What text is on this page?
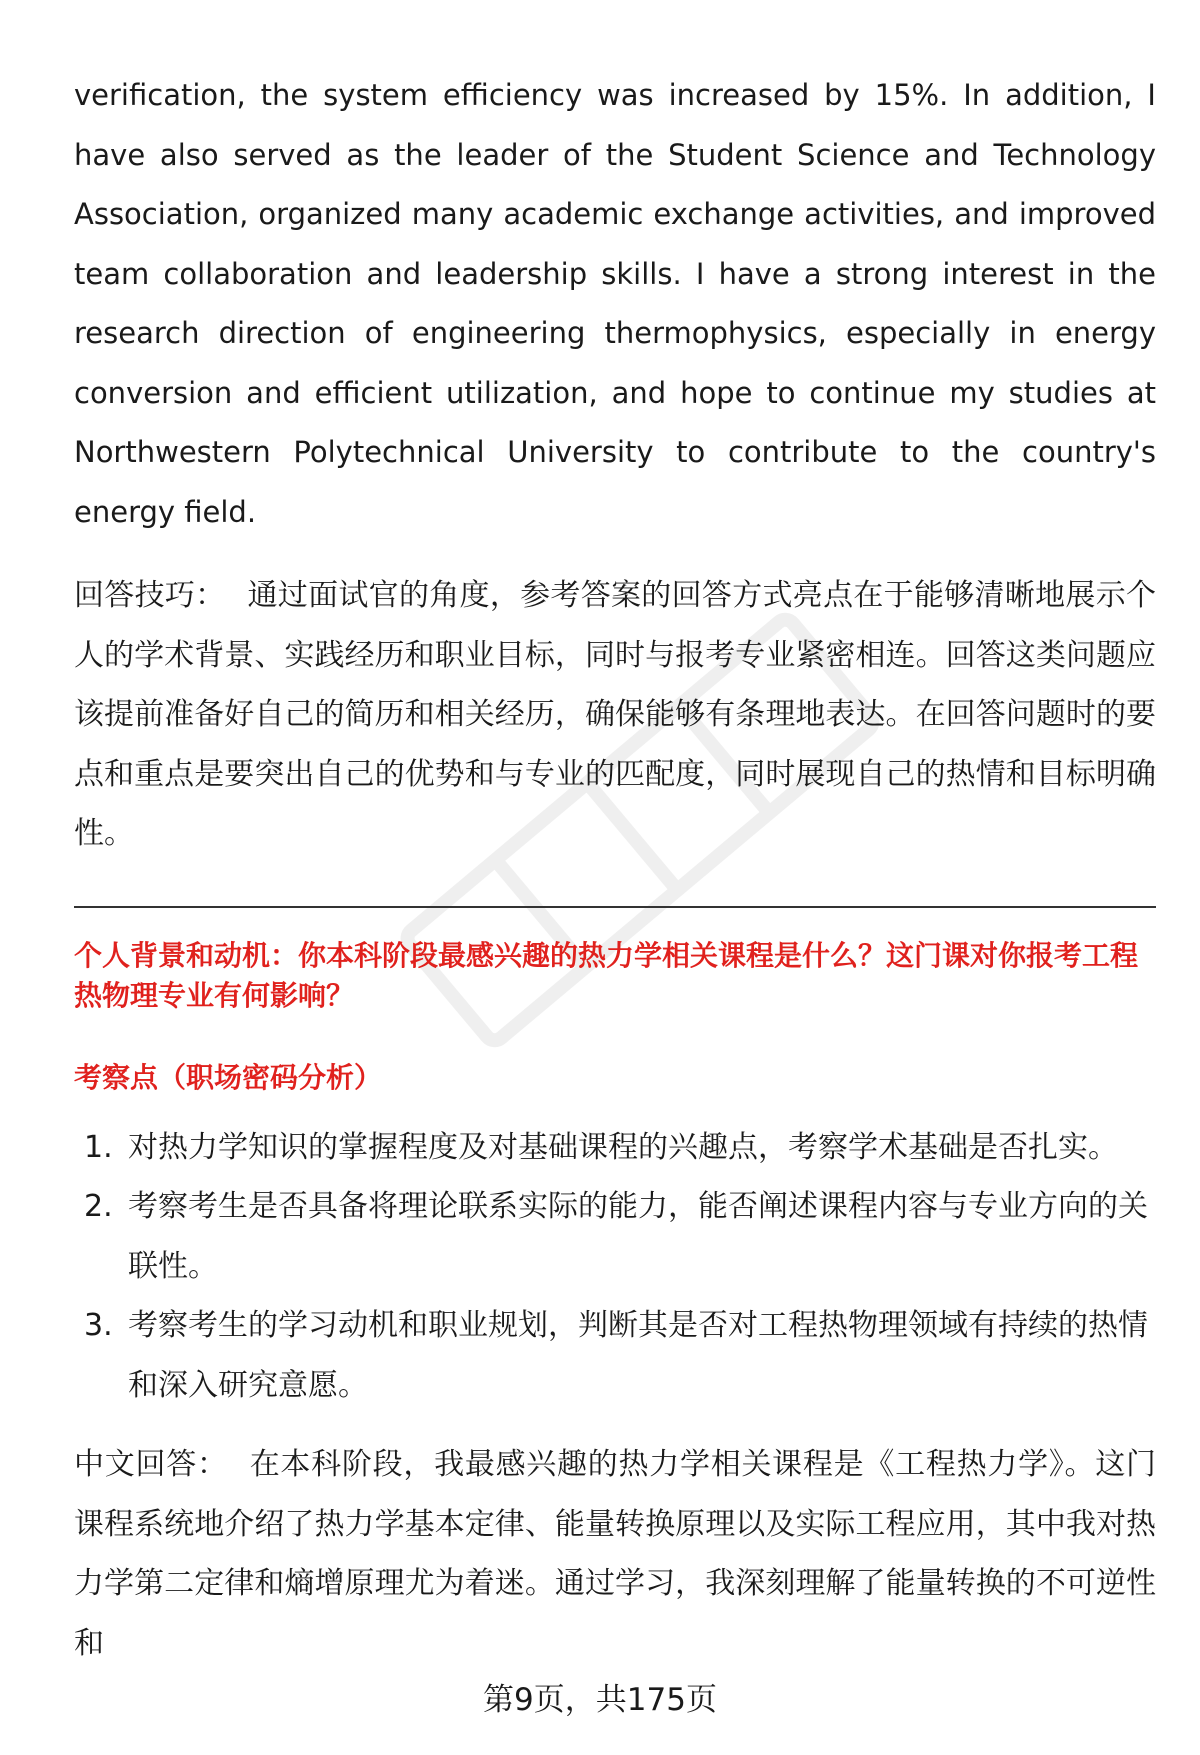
verification, the system efficiency was increased by 15%. In addition, I have also served as the leader of the Student Science and Technology Association, organized many academic exchange activities, and improved team collaboration and leadership skills. I have a strong interest in the research direction of engineering thermophysics, especially in energy conversion and efficient utilization, and hope to continue my studies at Northwestern Polytechnical University to contribute to the country's energy field.

回答技巧： 通过面试官的角度，参考答案的回答方式亮点在于能够清晰地展示个人的学术背景、实践经历和职业目标，同时与报考专业紧密相连。回答这类问题应该提前准备好自己的简历和相关经历，确保能够有条理地表达。在回答问题时的要点和重点是要突出自己的优势和与专业的匹配度，同时展现自己的热情和目标明确性。

个人背景和动机：你本科阶段最感兴趣的热力学相关课程是什么？这门课对你报考工程热物理专业有何影响？

考察点（职场密码分析）

1. 对热力学知识的掌握程度及对基础课程的兴趣点，考察学术基础是否扎实。
2. 考察考生是否具备将理论联系实际的能力，能否阐述课程内容与专业方向的关联性。
3. 考察考生的学习动机和职业规划，判断其是否对工程热物理领域有持续的热情和深入研究意愿。

中文回答： 在本科阶段，我最感兴趣的热力学相关课程是《工程热力学》。这门课程系统地介绍了热力学基本定律、能量转换原理以及实际工程应用，其中我对热力学第二定律和熵增原理尤为着迷。通过学习，我深刻理解了能量转换的不可逆性和

第9页，共175页
